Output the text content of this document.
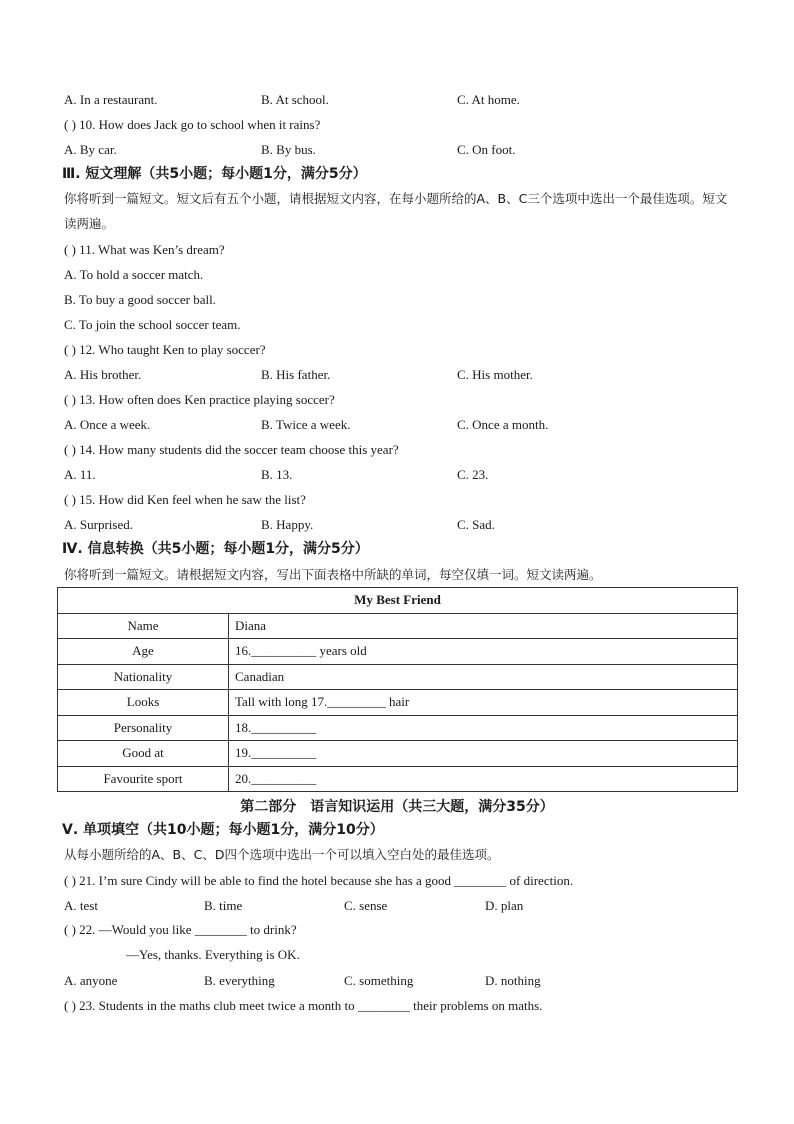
A. In a restaurant.	B. At school.	C. At home.
( ) 10. How does Jack go to school when it rains?
A. By car.	B. By bus.	C. On foot.
Ⅲ. 短文理解（共5小题；每小题1分，满分5分）
你将听到一篇短文。短文后有五个小题，请根据短文内容，在每小题所给的A、B、C三个选项中选出一个最佳选项。短文读两遍。
( ) 11. What was Ken’s dream?
A. To hold a soccer match.
B. To buy a good soccer ball.
C. To join the school soccer team.
( ) 12. Who taught Ken to play soccer?
A. His brother.	B. His father.	C. His mother.
( ) 13. How often does Ken practice playing soccer?
A. Once a week.	B. Twice a week.	C. Once a month.
( ) 14. How many students did the soccer team choose this year?
A. 11.	B. 13.	C. 23.
( ) 15. How did Ken feel when he saw the list?
A. Surprised.	B. Happy.	C. Sad.
Ⅳ. 信息转换（共5小题；每小题1分，满分5分）
你将听到一篇短文。请根据短文内容，写出下面表格中所缺的单词，每空仅填一词。短文读两遍。
My Best Friend	
Name	Diana
Age	16.__________ years old
Nationality	Canadian
Looks	Tall with long 17._________ hair
Personality	18.__________
Good at	19.__________
Favourite sport	20.__________
第二部分　语言知识运用（共三大题，满分35分）
Ⅴ. 单项填空（共10小题；每小题1分，满分10分）
从每小题所给的A、B、C、D四个选项中选出一个可以填入空白处的最佳选项。
( ) 21. I’m sure Cindy will be able to find the hotel because she has a good ________ of direction.
A. test	B. time	C. sense	D. plan
( ) 22. —Would you like ________ to drink?
—Yes, thanks. Everything is OK.
A. anyone	B. everything	C. something	D. nothing
( ) 23. Students in the maths club meet twice a month to ________ their problems on maths.
